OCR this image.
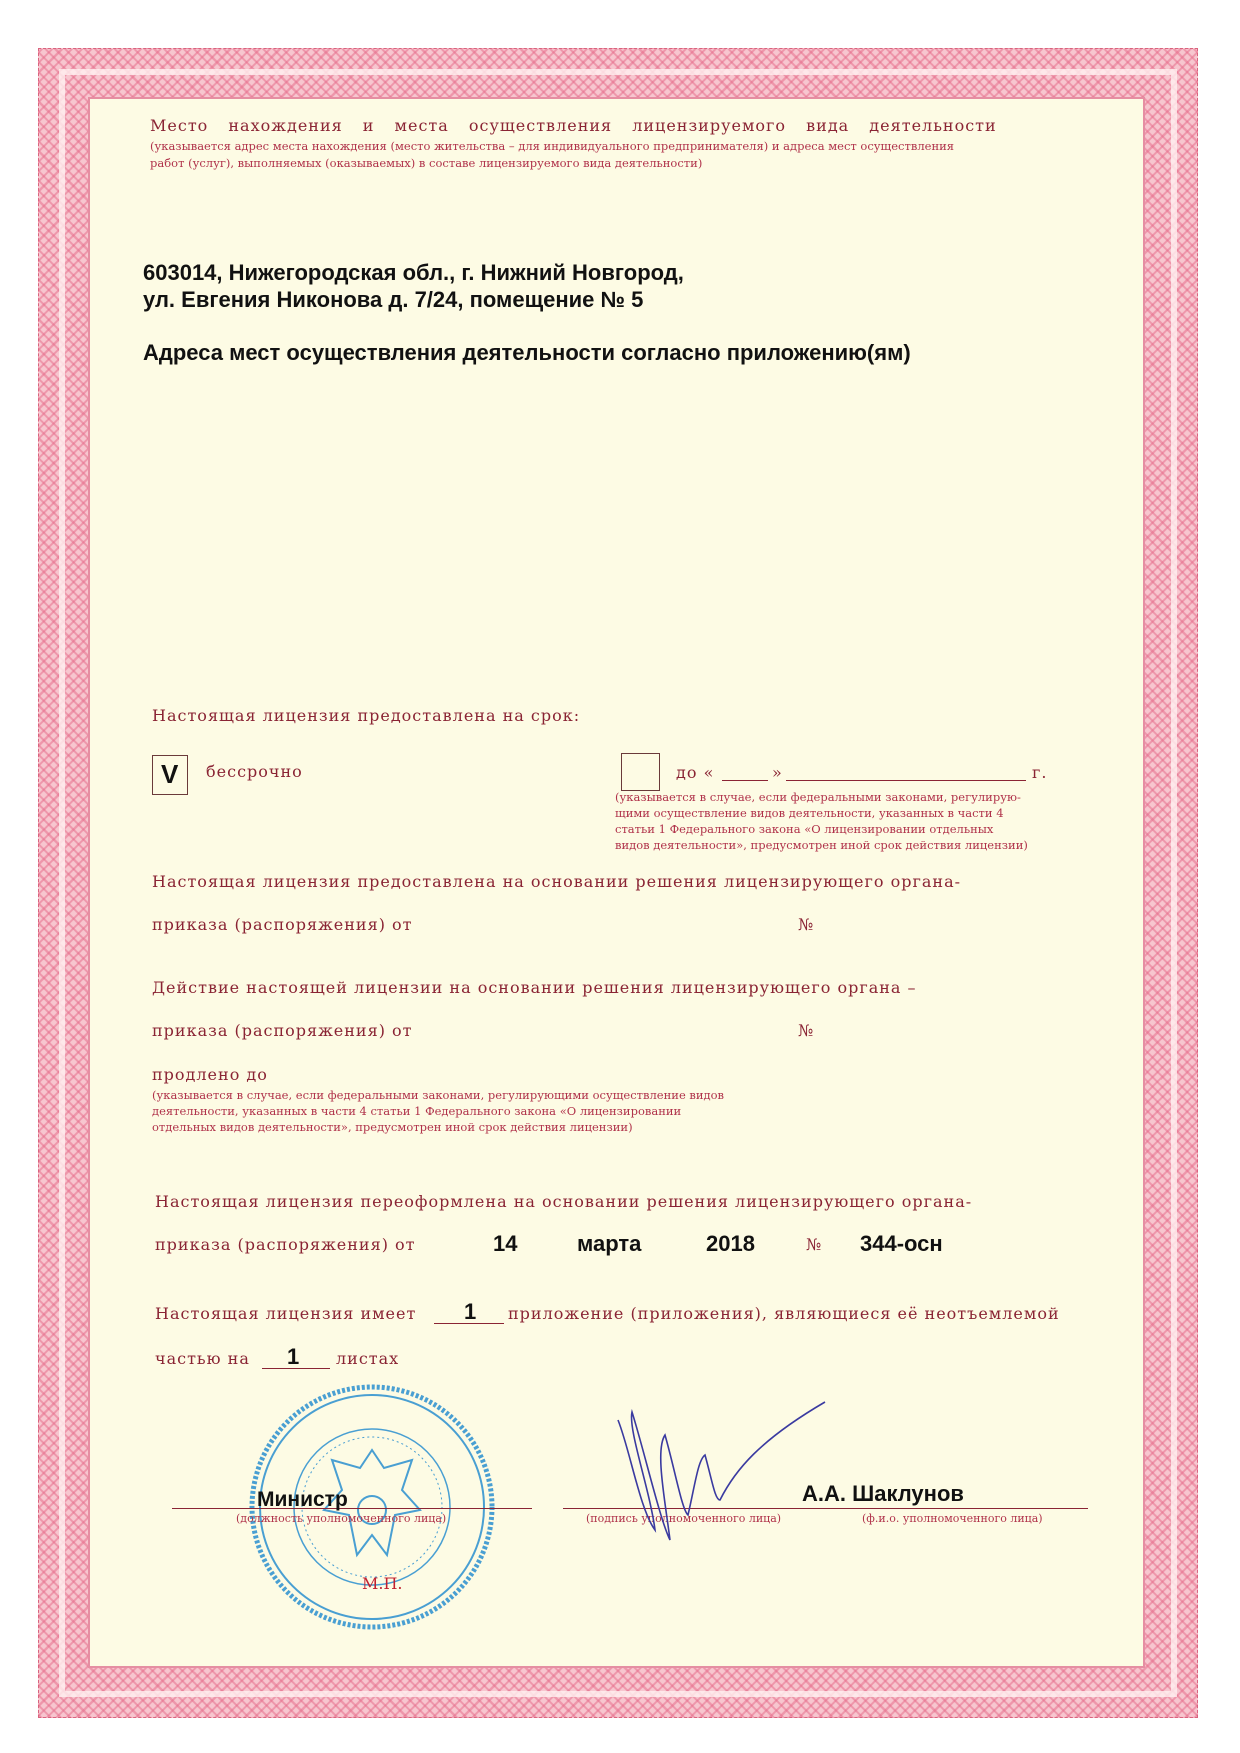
Место нахождения и места осуществления лицензируемого вида деятельности
(указывается адрес места нахождения (место жительства – для индивидуального предпринимателя) и адреса мест осуществления
работ (услуг), выполняемых (оказываемых) в составе лицензируемого вида деятельности)
603014, Нижегородская обл., г. Нижний Новгород,
ул. Евгения Никонова д. 7/24, помещение № 5
Адреса мест осуществления деятельности согласно приложению(ям)
Настоящая лицензия предоставлена на срок:
V бессрочно	до «	»	г.
(указывается в случае, если федеральными законами, регулирую-
щими осуществление видов деятельности, указанных в части 4
статьи 1 Федерального закона «О лицензировании отдельных
видов деятельности», предусмотрен иной срок действия лицензии)
Настоящая лицензия предоставлена на основании решения лицензирующего органа-
приказа (распоряжения) от	№
Действие настоящей лицензии на основании решения лицензирующего органа –
приказа (распоряжения) от	№
продлено до
(указывается в случае, если федеральными законами, регулирующими осуществление видов
деятельности, указанных в части 4 статьи 1 Федерального закона «О лицензировании
отдельных видов деятельности», предусмотрен иной срок действия лицензии)
Настоящая лицензия переоформлена на основании решения лицензирующего органа-
приказа (распоряжения) от	14	марта	2018	№ 344-осн
Настоящая лицензия имеет 1 приложение (приложения), являющиеся её неотъемлемой
частью на 1 листах
Министр
(должность уполномоченного лица)
М.П.
(подпись уполномоченного лица)
А.А. Шаклунов
(ф.и.о. уполномоченного лица)
